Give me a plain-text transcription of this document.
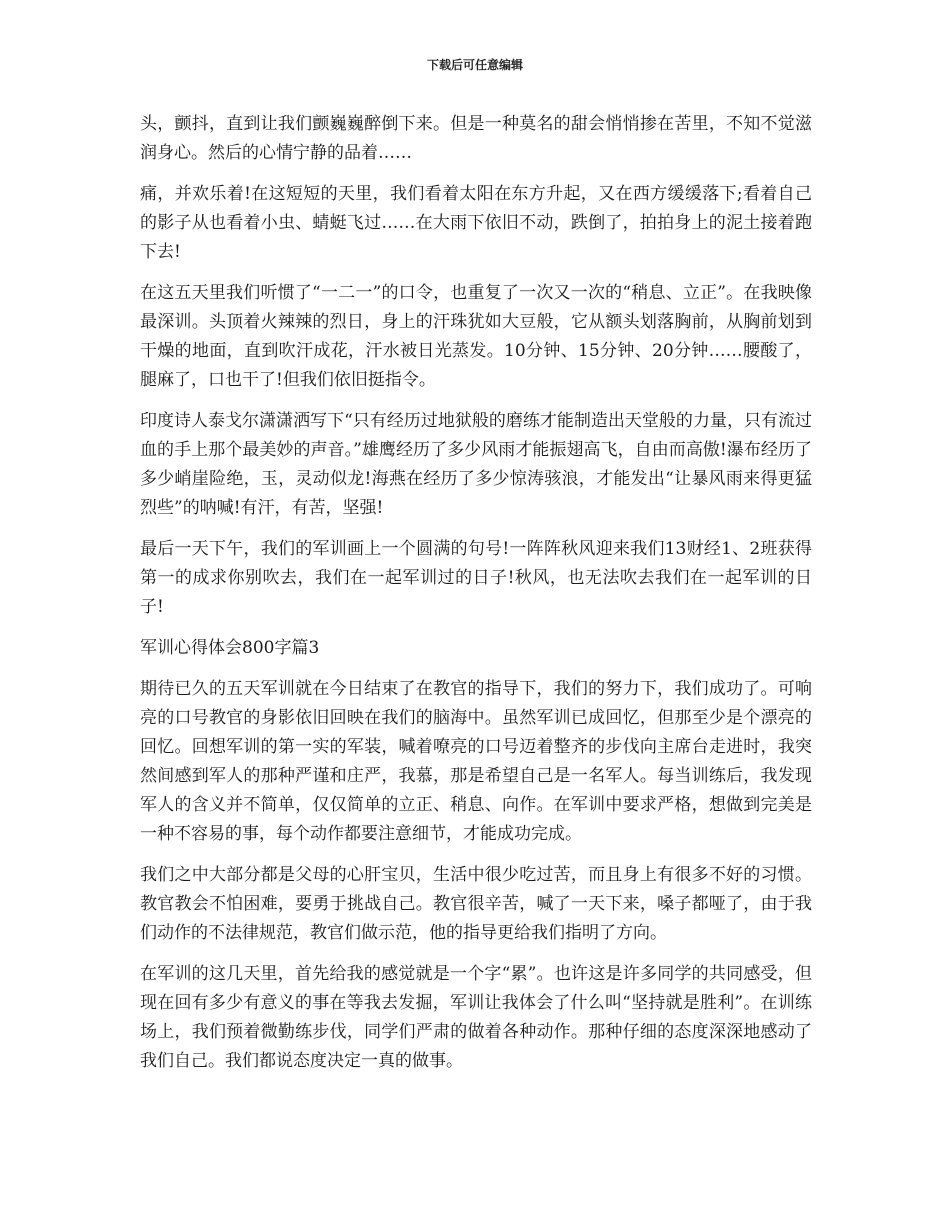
下载后可任意编辑

头，颤抖，直到让我们颤巍巍醉倒下来。但是一种莫名的甜会悄悄掺在苦里，不知不觉滋润身心。然后的心情宁静的品着……

痛，并欢乐着!在这短短的天里，我们看着太阳在东方升起，又在西方缓缓落下;看着自己的影子从也看着小虫、蜻蜓飞过……在大雨下依旧不动，跌倒了，拍拍身上的泥土接着跑下去!

在这五天里我们听惯了“一二一”的口令，也重复了一次又一次的“稍息、立正”。在我映像最深训。头顶着火辣辣的烈日，身上的汗珠犹如大豆般，它从额头划落胸前，从胸前划到干燥的地面，直到吹汗成花，汗水被日光蒸发。10分钟、15分钟、20分钟……腰酸了，腿麻了，口也干了!但我们依旧挺指令。

印度诗人泰戈尔潇潇洒写下“只有经历过地狱般的磨练才能制造出天堂般的力量，只有流过血的手上那个最美妙的声音。”雄鹰经历了多少风雨才能振翅高飞，自由而高傲!瀑布经历了多少峭崖险绝，玉，灵动似龙!海燕在经历了多少惊涛骇浪，才能发出“让暴风雨来得更猛烈些”的呐喊!有汗，有苦，坚强!

最后一天下午，我们的军训画上一个圆满的句号!一阵阵秋风迎来我们13财经1、2班获得第一的成求你别吹去，我们在一起军训过的日子!秋风，也无法吹去我们在一起军训的日子!

军训心得体会800字篇3

期待已久的五天军训就在今日结束了在教官的指导下，我们的努力下，我们成功了。可响亮的口号教官的身影依旧回映在我们的脑海中。虽然军训已成回忆，但那至少是个漂亮的回忆。回想军训的第一实的军装，喊着嘹亮的口号迈着整齐的步伐向主席台走进时，我突然间感到军人的那种严谨和庄严，我慕，那是希望自己是一名军人。每当训练后，我发现军人的含义并不简单，仅仅简单的立正、稍息、向作。在军训中要求严格，想做到完美是一种不容易的事，每个动作都要注意细节，才能成功完成。

我们之中大部分都是父母的心肝宝贝，生活中很少吃过苦，而且身上有很多不好的习惯。教官教会不怕困难，要勇于挑战自己。教官很辛苦，喊了一天下来，嗓子都哑了，由于我们动作的不法律规范，教官们做示范，他的指导更给我们指明了方向。

在军训的这几天里，首先给我的感觉就是一个字“累”。也许这是许多同学的共同感受，但现在回有多少有意义的事在等我去发掘，军训让我体会了什么叫“坚持就是胜利”。在训练场上，我们预着微勤练步伐，同学们严肃的做着各种动作。那种仔细的态度深深地感动了我们自己。我们都说态度决定一真的做事。
